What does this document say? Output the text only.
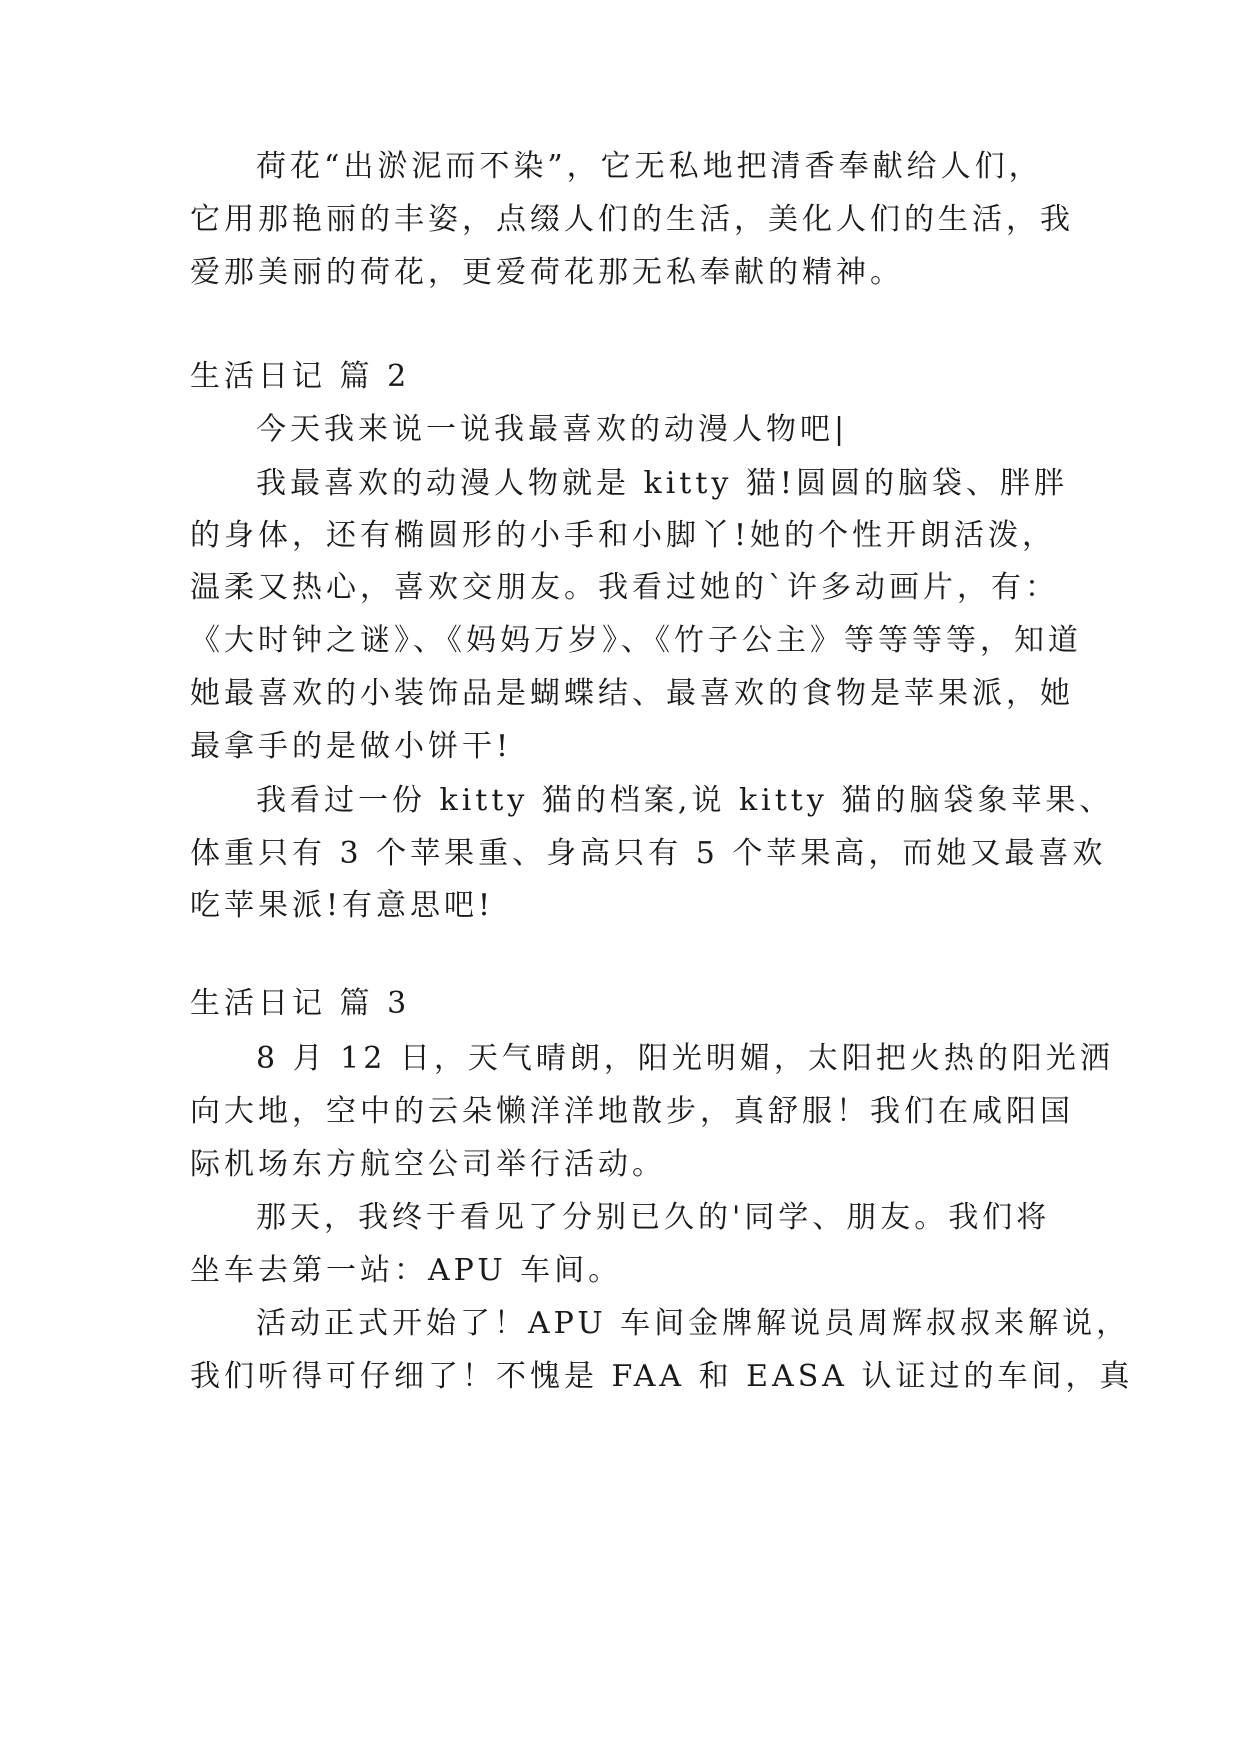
荷花“出淤泥而不染”，它无私地把清香奉献给人们，
它用那艳丽的丰姿，点缀人们的生活，美化人们的生活，我
爱那美丽的荷花，更爱荷花那无私奉献的精神。
生活日记 篇 2
今天我来说一说我最喜欢的动漫人物吧|
我最喜欢的动漫人物就是 kitty 猫!圆圆的脑袋、胖胖
的身体，还有椭圆形的小手和小脚丫!她的个性开朗活泼，
温柔又热心，喜欢交朋友。我看过她的`许多动画片，有：
《大时钟之谜》、《妈妈万岁》、《竹子公主》等等等等，知道
她最喜欢的小装饰品是蝴蝶结、最喜欢的食物是苹果派，她
最拿手的是做小饼干!
我看过一份 kitty 猫的档案,说 kitty 猫的脑袋象苹果、
体重只有 3 个苹果重、身高只有 5 个苹果高，而她又最喜欢
吃苹果派!有意思吧!
生活日记 篇 3
8 月 12 日，天气晴朗，阳光明媚，太阳把火热的阳光洒
向大地，空中的云朵懒洋洋地散步，真舒服！我们在咸阳国
际机场东方航空公司举行活动。
那天，我终于看见了分别已久的'同学、朋友。我们将
坐车去第一站：APU 车间。
活动正式开始了！APU 车间金牌解说员周辉叔叔来解说，
我们听得可仔细了！不愧是 FAA 和 EASA 认证过的车间，真
